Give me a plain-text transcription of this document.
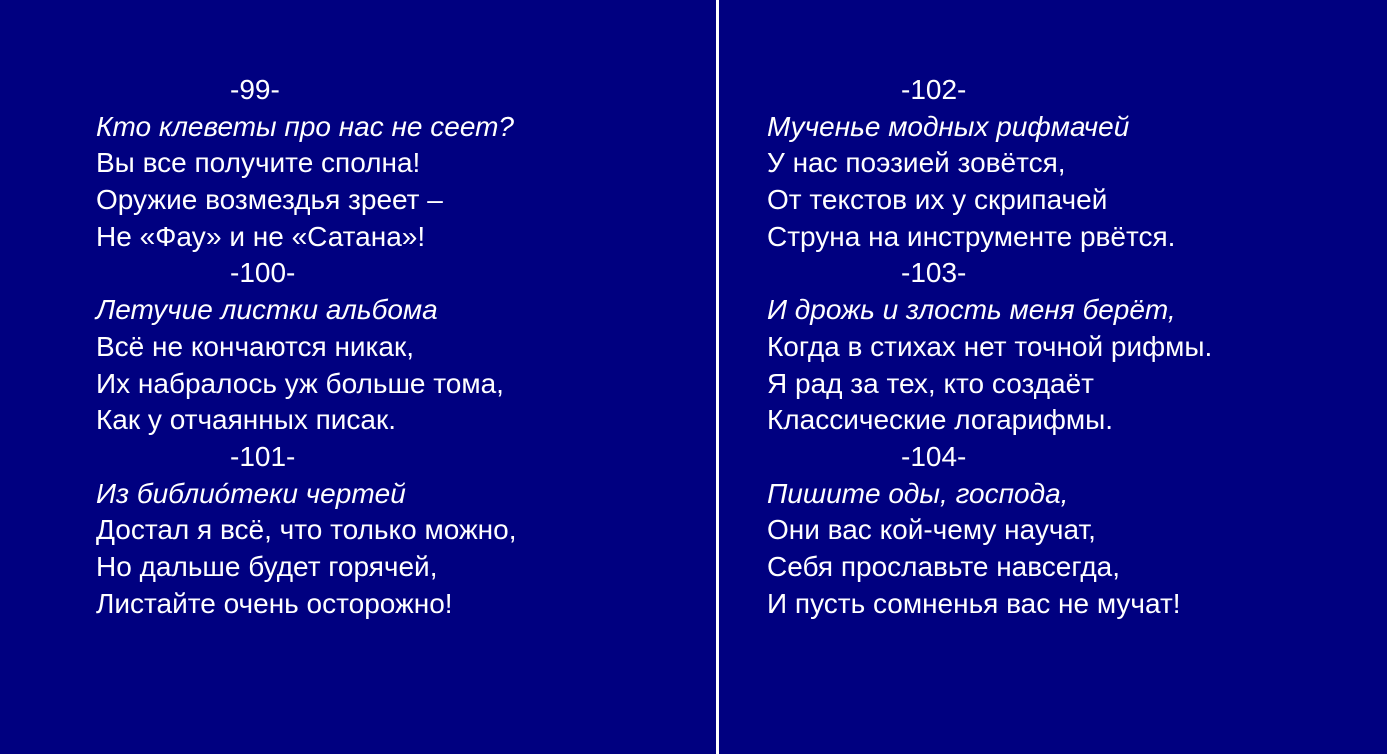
-99-
Кто клеветы про нас не сеет?
Вы все получите сполна!
Оружие возмездья зреет –
Не «Фау» и не «Сатана»!
-100-
Летучие листки альбома
Всё не кончаются никак,
Их набралось уж больше тома,
Как у отчаянных писак.
-101-
Из библио́теки чертей
Достал я всё, что только можно,
Но дальше будет горячей,
Листайте очень осторожно!
-102-
Мученье модных рифмачей
У нас поэзией зовётся,
От текстов их у скрипачей
Струна на инструменте рвётся.
-103-
И дрожь и злость меня берёт,
Когда в стихах нет точной рифмы.
Я рад за тех, кто создаёт
Классические логарифмы.
-104-
Пишите оды, господа,
Они вас кой-чему научат,
Себя прославьте навсегда,
И пусть сомненья вас не мучат!
